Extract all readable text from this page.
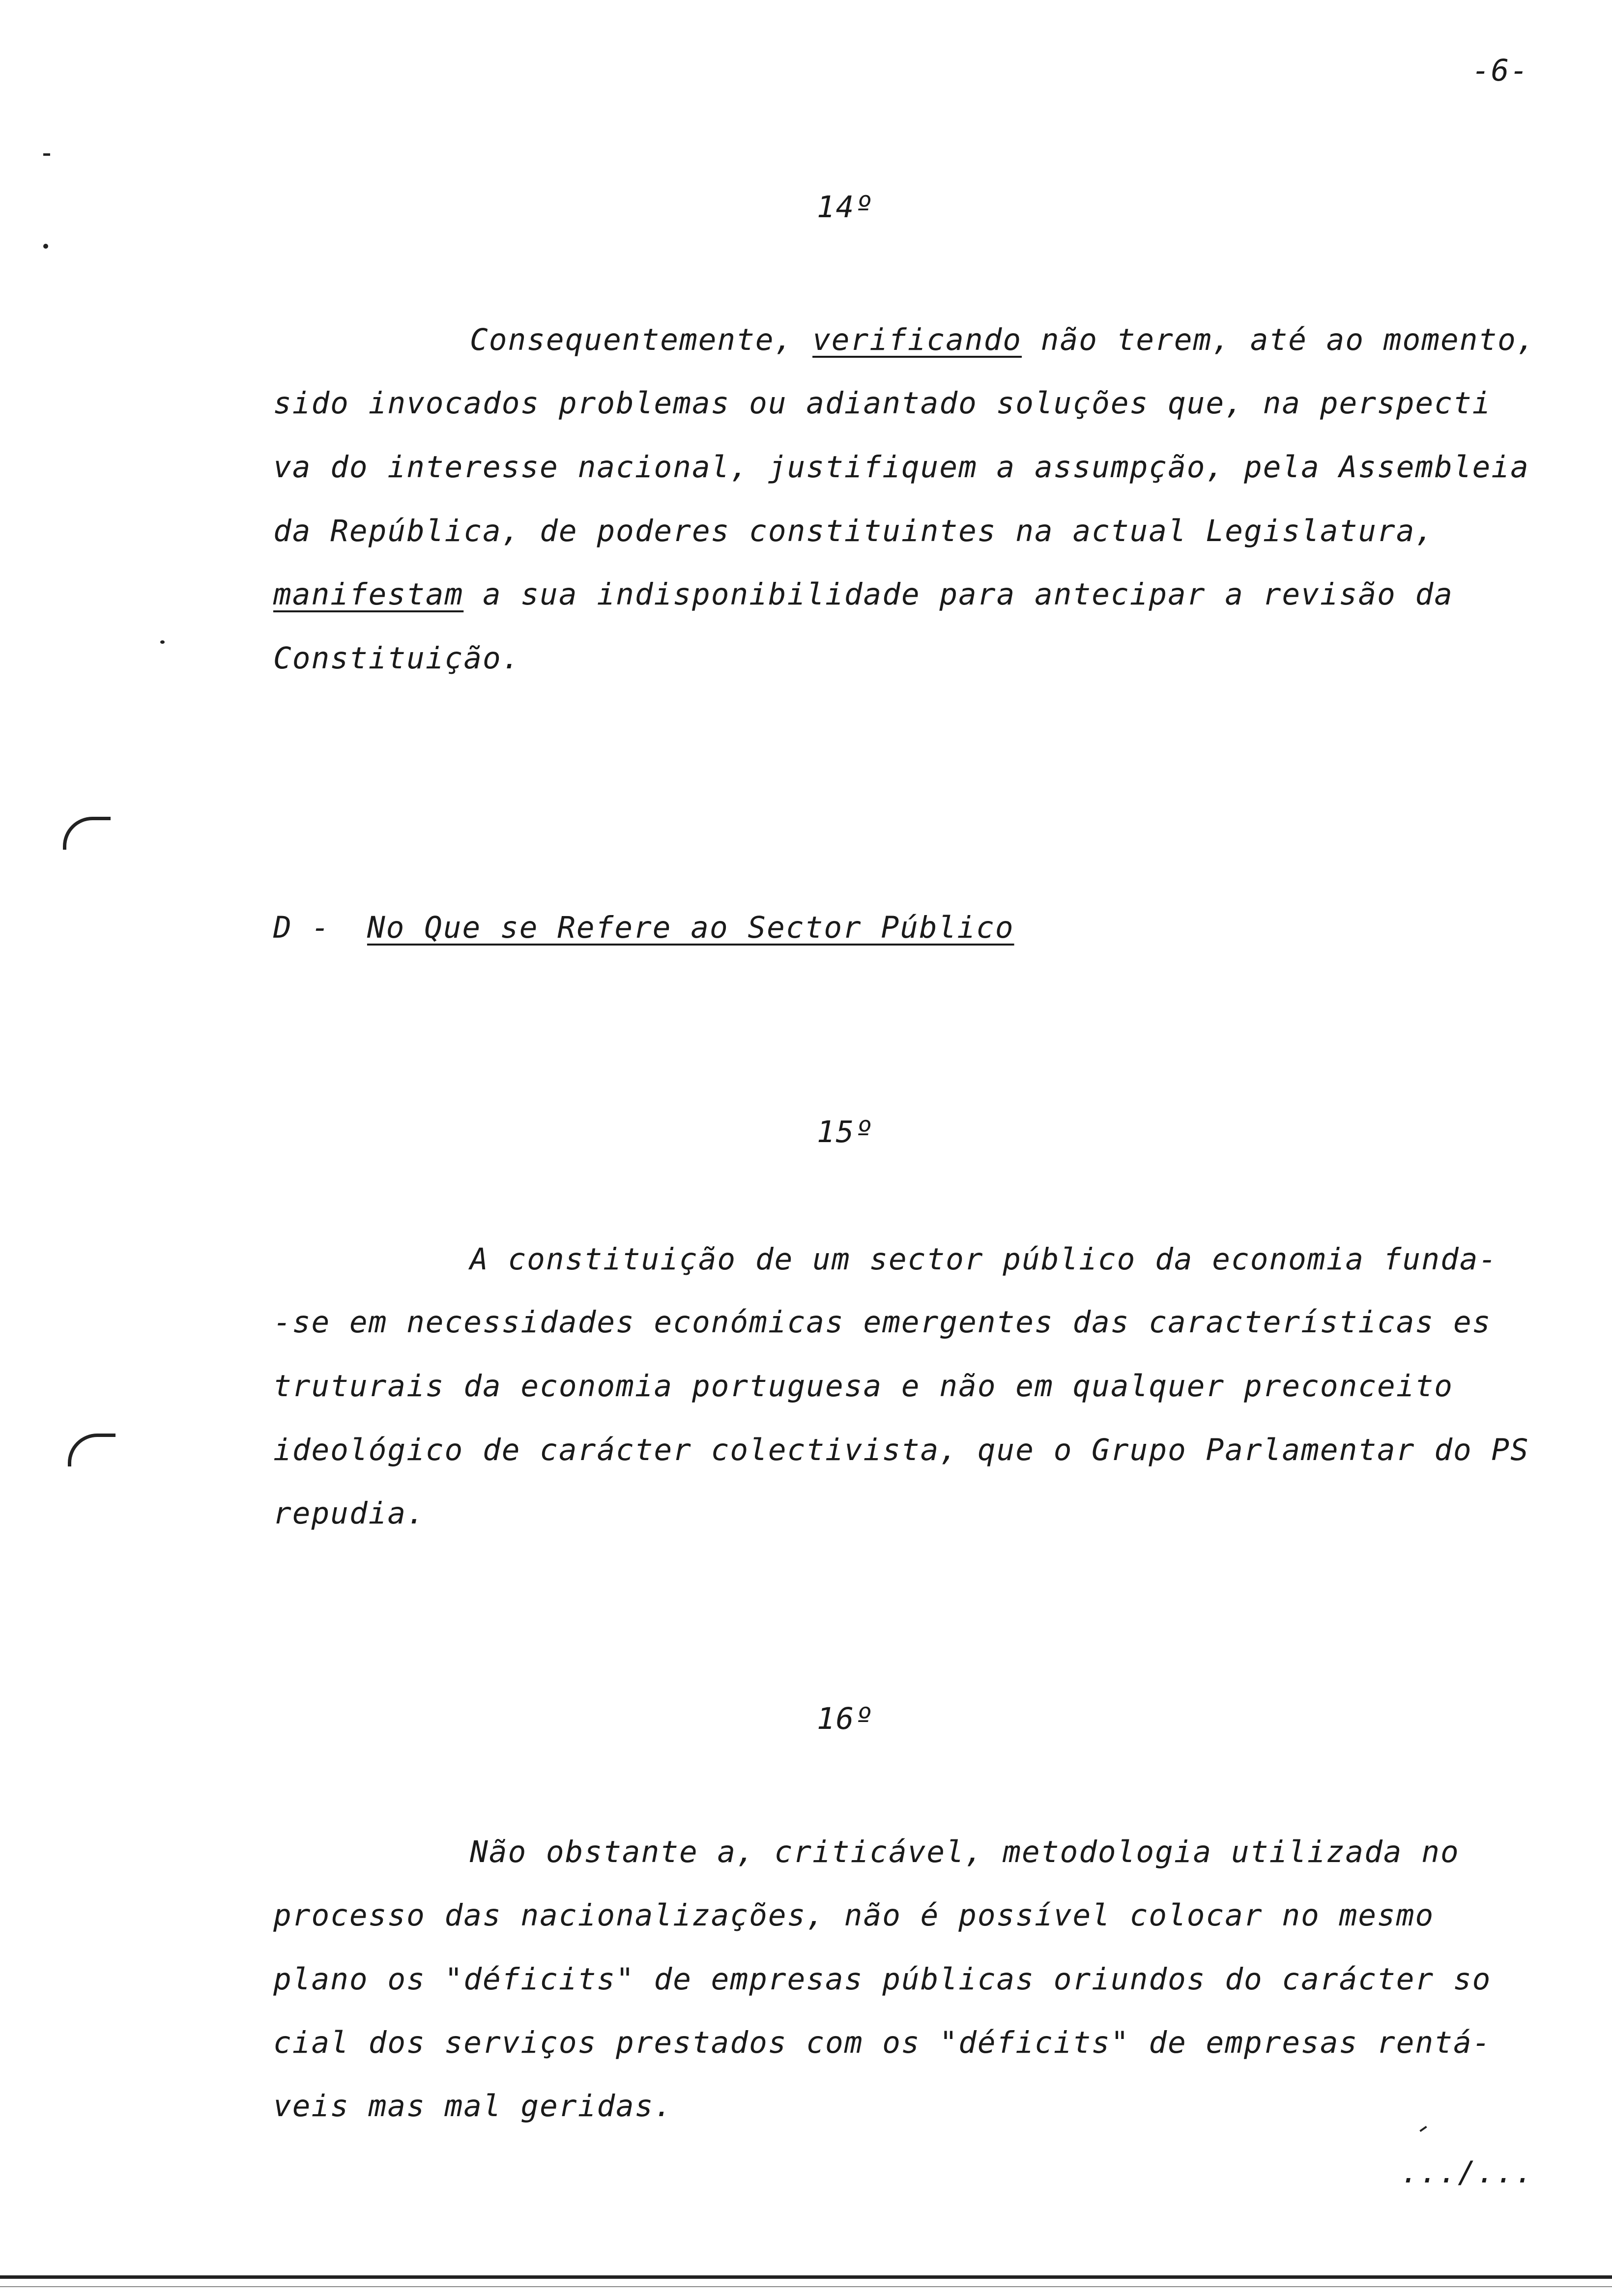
-6-
14º
Consequentemente, verificando não terem, até ao momento,
sido invocados problemas ou adiantado soluções que, na perspecti
va do interesse nacional, justifiquem a assumpção, pela Assembleia
da República, de poderes constituintes na actual Legislatura,
manifestam a sua indisponibilidade para antecipar a revisão da
Constituição.
D - No Que se Refere ao Sector Público
15º
A constituição de um sector público da economia funda-
-se em necessidades económicas emergentes das características es
truturais da economia portuguesa e não em qualquer preconceito
ideológico de carácter colectivista, que o Grupo Parlamentar do PS
repudia.
16º
Não obstante a, criticável, metodologia utilizada no
processo das nacionalizações, não é possível colocar no mesmo
plano os "déficits" de empresas públicas oriundos do carácter so
cial dos serviços prestados com os "déficits" de empresas rentá-
veis mas mal geridas.
.../...
